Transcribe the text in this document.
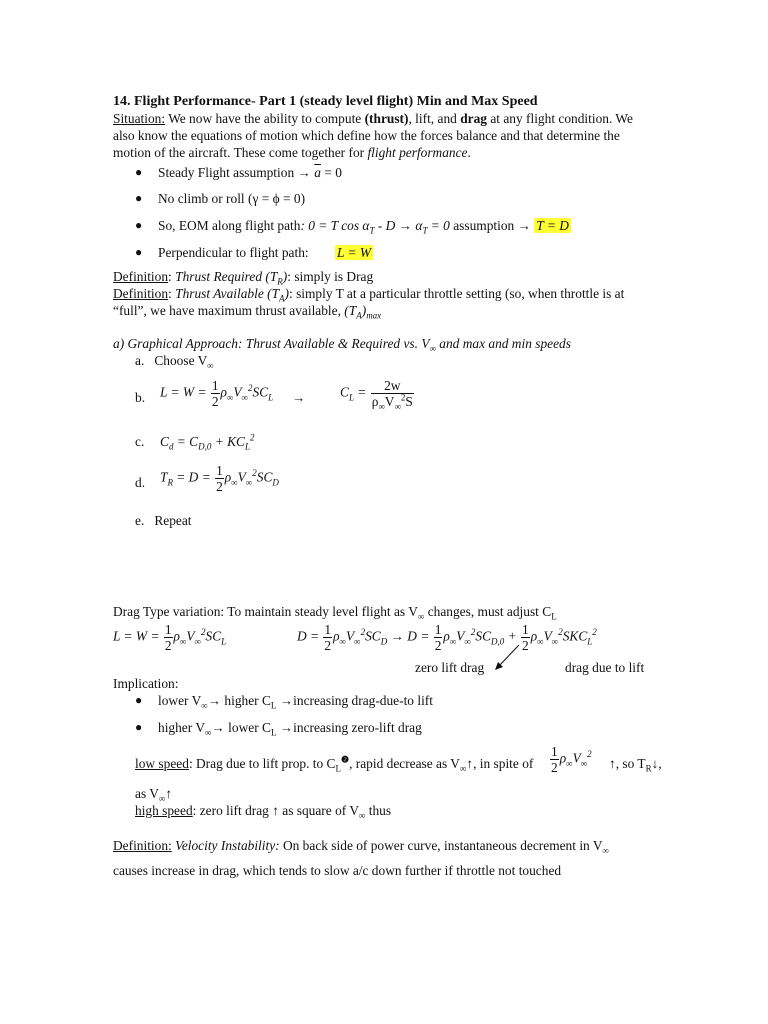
14. Flight Performance- Part 1 (steady level flight) Min and Max Speed
Situation: We now have the ability to compute (thrust), lift, and drag at any flight condition. We
also know the equations of motion which define how the forces balance and that determine the
motion of the aircraft. These come together for flight performance.
● Steady Flight assumption → $\overline{a} = 0$
● No climb or roll (γ = ϕ = 0)
● So, EOM along flight path: 0 = T $\cos \alpha_T - D \to \alpha_T = 0$ assumption → T = D
● Perpendicular to flight path: L = W
Definition: Thrust Required $(T_R)$: simply is Drag
Definition: Thrust Available $(T_A)$: simply T at a particular throttle setting (so, when throttle is at
“full”, we have maximum thrust available, $(T_A)_{max}$
a) Graphical Approach: Thrust Available & Required vs. $V_\infty$ and max and min speeds
a. Choose $V_\infty$
b. $L = W = \frac{1}{2} \rho_\infty V_\infty^2SC_L$ →	$C_L = \frac{2w}{\rho_\infty V_\infty^2S}$
c. $C_d = C_{D,0} + KC_L^2$
d. $T_R = D = \frac{1}{2} \rho_\infty V_\infty^2SC_D$
e. Repeat
Drag Type variation: To maintain steady level flight as $V_\infty$ changes, must adjust $C_L$
$L = W = \frac{1}{2} \rho_\infty V_\infty^2SC_L$	$D = \frac{1}{2} \rho_\infty V_\infty^2SC_D \to D = \frac{1}{2} \rho_\infty V_\infty^2SC_{D,0} + \frac{1}{2} \rho_\infty V_\infty^2SKC_L^2$
zero lift drag	drag due to lift
Implication:
● lower $V_\infty\to$ higher $C_L$ →increasing drag-due-to lift
● higher $V_\infty\to$ lower $C_L$ →increasing zero-lift drag
low speed: Drag due to lift prop. to $C_L^❷$, rapid decrease as $V_\infty↑$, in spite of $\frac{1}{2} \rho_\infty V_\infty^2$
↑, so $T_R↓$,
as $V_\infty↑$
high speed: zero lift drag ↑ as square of $V_\infty$ thus
Definition: Velocity Instability: On back side of power curve, instantaneous decrement in $V_\infty$
causes increase in drag, which tends to slow a/c down further if throttle not touched
